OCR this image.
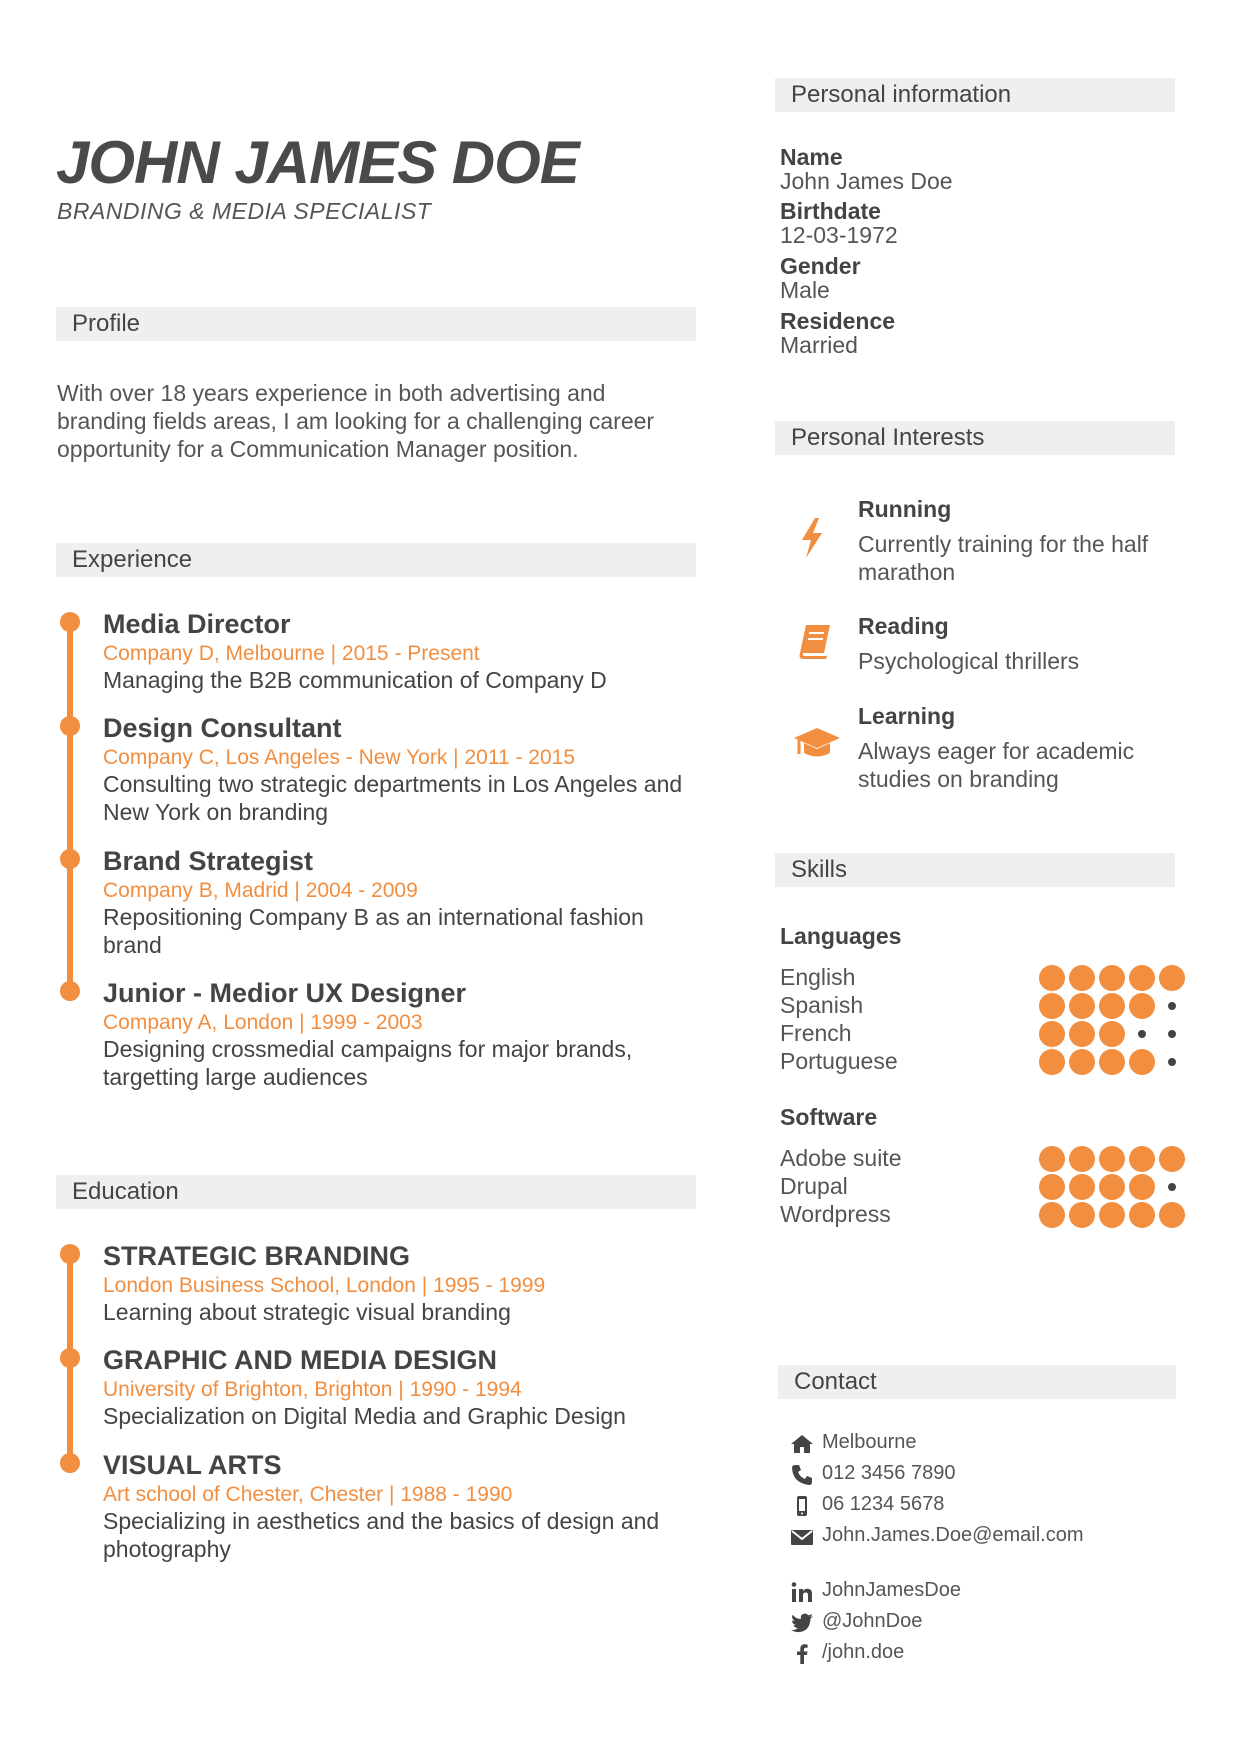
JOHN JAMES DOE
BRANDING & MEDIA SPECIALIST
Profile
With over 18 years experience in both advertising and branding fields areas, I am looking for a challenging career opportunity for a Communication Manager position.
Experience
Media Director
Company D, Melbourne | 2015 - Present
Managing the B2B communication of Company D
Design Consultant
Company C, Los Angeles - New York | 2011 - 2015
Consulting two strategic departments in Los Angeles and New York on branding
Brand Strategist
Company B, Madrid | 2004 - 2009
Repositioning Company B as an international fashion brand
Junior - Medior UX Designer
Company A, London | 1999 - 2003
Designing crossmedial campaigns for major brands, targetting large audiences
Education
STRATEGIC BRANDING
London Business School, London | 1995 - 1999
Learning about strategic visual branding
GRAPHIC AND MEDIA DESIGN
University of Brighton, Brighton | 1990 - 1994
Specialization on Digital Media and Graphic Design
VISUAL ARTS
Art school of Chester, Chester | 1988 - 1990
Specializing in aesthetics and the basics of design and photography
Personal information
Name
John James Doe
Birthdate
12-03-1972
Gender
Male
Residence
Married
Personal Interests
Running
Currently training for the half marathon
Reading
Psychological thrillers
Learning
Always eager for academic studies on branding
Skills
Languages
English
Spanish
French
Portuguese
Software
Adobe suite
Drupal
Wordpress
Contact
Melbourne
012 3456 7890
06 1234 5678
John.James.Doe@email.com
JohnJamesDoe
@JohnDoe
/john.doe
